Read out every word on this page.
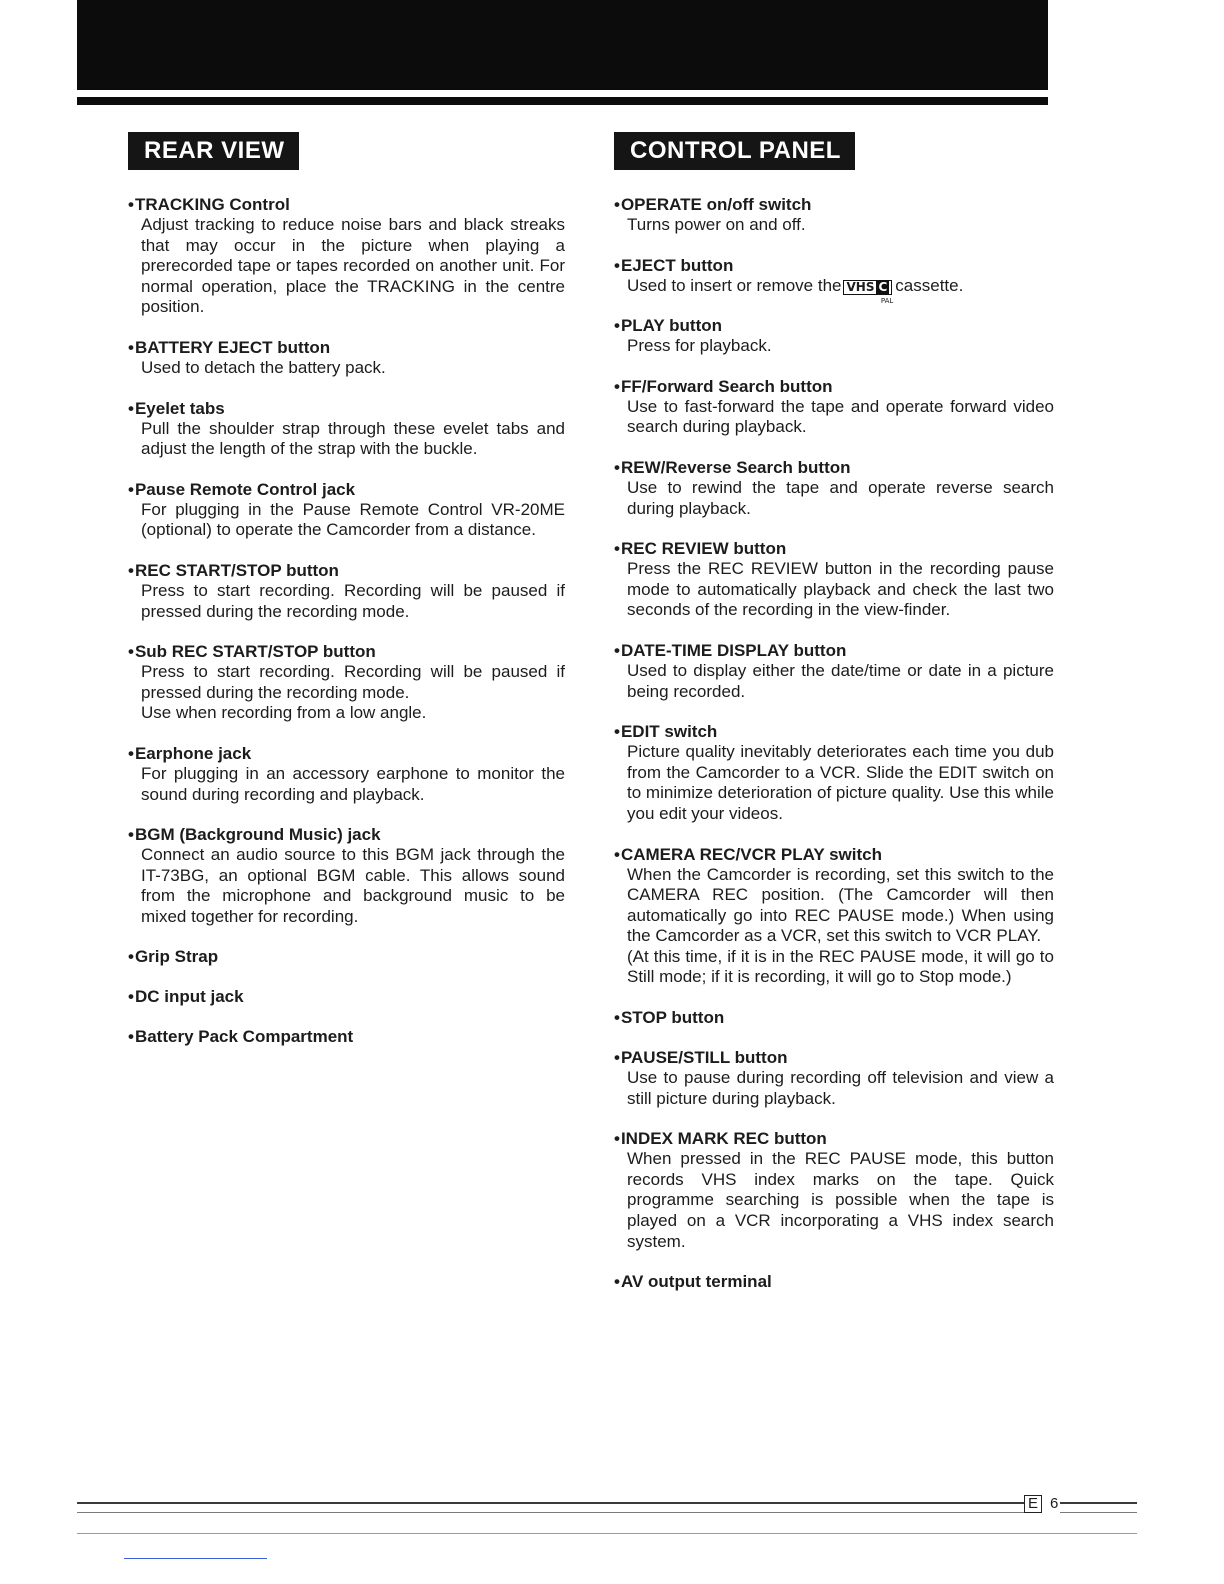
REAR VIEW
• TRACKING Control

Adjust tracking to reduce noise bars and black streaks that may occur in the picture when playing a prerecorded tape or tapes recorded on another unit. For normal operation, place the TRACKING in the centre position.

• BATTERY EJECT button

Used to detach the battery pack.

• Eyelet tabs

Pull the shoulder strap through these evelet tabs and adjust the length of the strap with the buckle.

• Pause Remote Control jack

For plugging in the Pause Remote Control VR-20ME (optional) to operate the Camcorder from a distance.

• REC START/STOP button

Press to start recording. Recording will be paused if pressed during the recording mode.

• Sub REC START/STOP button

Press to start recording. Recording will be paused if pressed during the recording mode.

Use when recording from a low angle.

• Earphone jack

For plugging in an accessory earphone to monitor the sound during recording and playback.

• BGM (Background Music) jack

Connect an audio source to this BGM jack through the IT-73BG, an optional BGM cable. This allows sound from the microphone and background music to be mixed together for recording.

• Grip Strap
• DC input jack
• Battery Pack Compartment
CONTROL PANEL
• OPERATE on/off switch

Turns power on and off.

• EJECT button

Used to insert or remove the VHS C
PAL
cassette.

• PLAY button

Press for playback.

• FF/Forward Search button

Use to fast-forward the tape and operate forward video search during playback.

• REW/Reverse Search button

Use to rewind the tape and operate reverse search during playback.

• REC REVIEW button

Press the REC REVIEW button in the recording pause mode to automatically playback and check the last two seconds of the recording in the view-finder.

• DATE-TIME DISPLAY button

Used to display either the date/time or date in a picture being recorded.

• EDIT switch

Picture quality inevitably deteriorates each time you dub from the Camcorder to a VCR. Slide the EDIT switch on to minimize deterioration of picture quality. Use this while you edit your videos.

• CAMERA REC/VCR PLAY switch

When the Camcorder is recording, set this switch to the CAMERA REC position. (The Camcorder will then automatically go into REC PAUSE mode.) When using the Camcorder as a VCR, set this switch to VCR PLAY.

(At this time, if it is in the REC PAUSE mode, it will go to Still mode; if it is recording, it will go to Stop mode.)

• STOP button
• PAUSE/STILL button

Use to pause during recording off television and view a still picture during playback.

• INDEX MARK REC button

When pressed in the REC PAUSE mode, this button records VHS index marks on the tape. Quick programme searching is possible when the tape is played on a VCR incorporating a VHS index search system.

• AV output terminal
E 6
